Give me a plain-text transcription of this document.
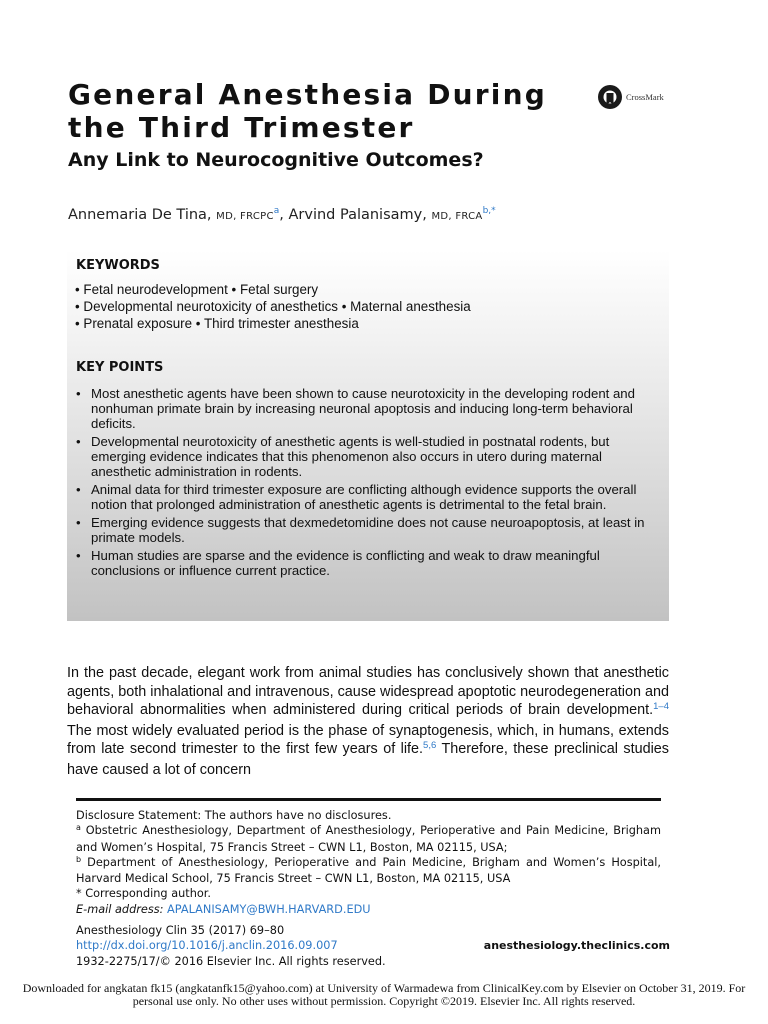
General Anesthesia During the Third Trimester
CrossMark
Any Link to Neurocognitive Outcomes?
Annemaria De Tina, MD, FRCPC$^a$, Arvind Palanisamy, MD, $FRCA^{b,*}$
KEYWORDS
• Fetal neurodevelopment • Fetal surgery
• Developmental neurotoxicity of anesthetics • Maternal anesthesia
• Prenatal exposure • Third trimester anesthesia
KEY POINTS
• Most anesthetic agents have been shown to cause neurotoxicity in the developing rodent and nonhuman primate brain by increasing neuronal apoptosis and inducing long-term behavioral deficits.
• Developmental neurotoxicity of anesthetic agents is well-studied in postnatal rodents, but emerging evidence indicates that this phenomenon also occurs in utero during maternal anesthetic administration in rodents.
• Animal data for third trimester exposure are conflicting although evidence supports the overall notion that prolonged administration of anesthetic agents is detrimental to the fetal brain.
• Emerging evidence suggests that dexmedetomidine does not cause neuroapoptosis, at least in primate models.
• Human studies are sparse and the evidence is conflicting and weak to draw meaningful conclusions or influence current practice.

In the past decade, elegant work from animal studies has conclusively shown that anesthetic agents, both inhalational and intravenous, cause widespread apoptotic neurodegeneration and behavioral abnormalities when administered during critical periods of brain development.$^{1-4}$ The most widely evaluated period is the phase of synaptogenesis, which, in humans, extends from late second trimester to the first few years of life.$^{5,6}$ Therefore, these preclinical studies have caused a lot of concern

Disclosure Statement: The authors have no disclosures.

$^a$ Obstetric Anesthesiology, Department of Anesthesiology, Perioperative and Pain Medicine, Brigham and Women’s Hospital, 75 Francis Street – CWN L1, Boston, MA 02115, USA;

$^b$ Department of Anesthesiology, Perioperative and Pain Medicine, Brigham and Women’s Hospital, Harvard Medical School, 75 Francis Street – CWN L1, Boston, MA 02115, USA

* Corresponding author.

E-mail address: APALANISAMY@BWH.HARVARD.EDU

Anesthesiology Clin 35 (2017) 69–80

http://dx.doi.org/10.1016/j.anclin.2016.09.007

1932-2275/17/© 2016 Elsevier Inc. All rights reserved.

anesthesiology.theclinics.com

Downloaded for angkatan fk15 (angkatanfk15@yahoo.com) at University of Warmadewa from ClinicalKey.com by Elsevier on October 31, 2019. For personal use only. No other uses without permission. Copyright ©2019. Elsevier Inc. All rights reserved.
